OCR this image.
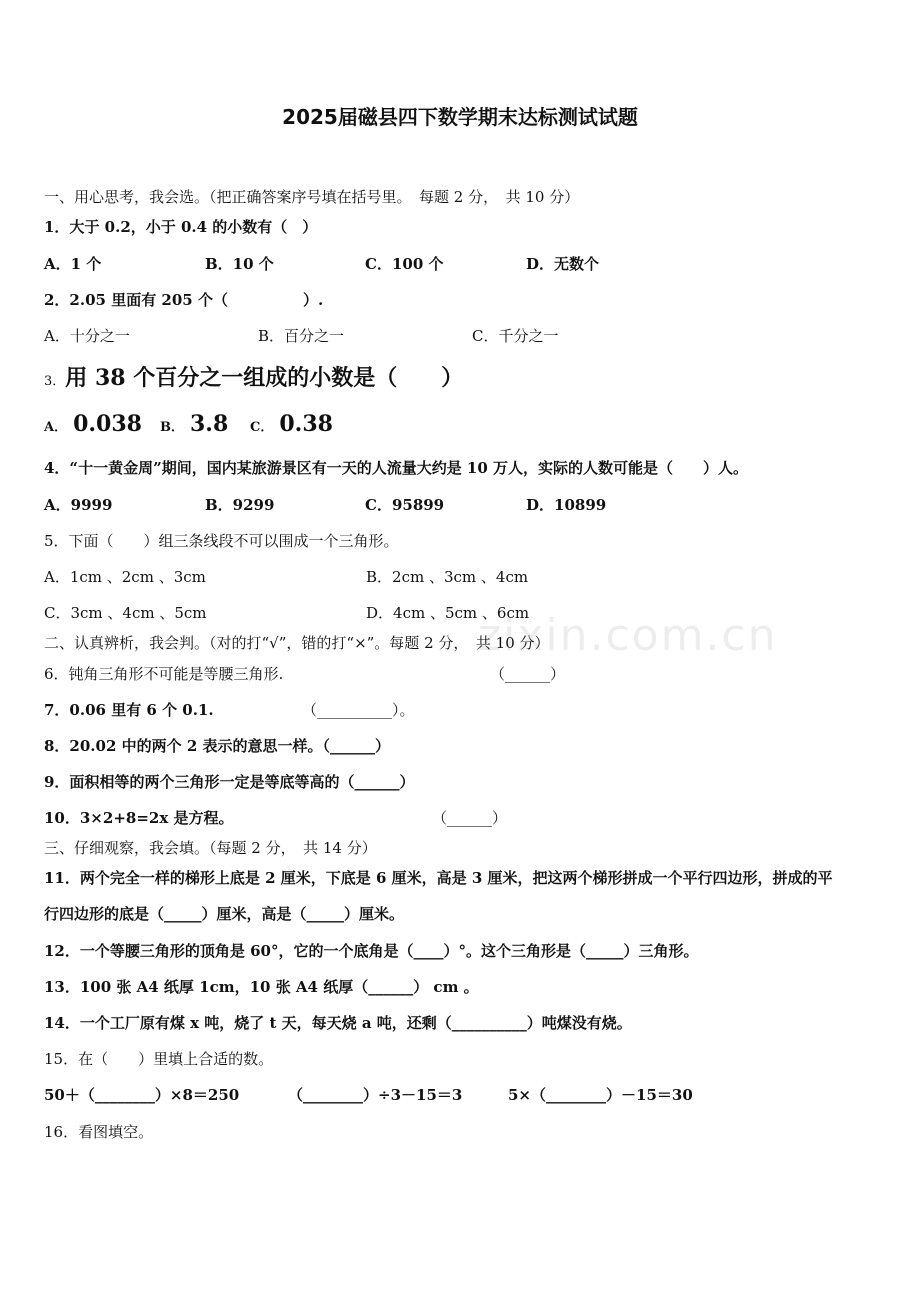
2025届磁县四下数学期末达标测试试题
zixin.com.cn
一、用心思考，我会选。（把正确答案序号填在括号里。　每题 2 分，　共 10 分）
1．大于 0.2，小于 0.4 的小数有（　）
A．1 个	B．10 个	C．100 个	D．无数个
2．2.05 里面有 205 个（　　　　　）.
A．十分之一	B．百分之一	C．千分之一
3．用 38 个百分之一组成的小数是（　　）
A． 0.038 B． 3.8 C． 0.38
4．“十一黄金周”期间，国内某旅游景区有一天的人流量大约是 10 万人，实际的人数可能是（　　）人。
A．9999	B．9299	C．95899	D．10899
5．下面（　　）组三条线段不可以围成一个三角形。
A．1cm 、2cm 、3cm	B．2cm 、3cm 、4cm
C．3cm 、4cm 、5cm	D．4cm 、5cm 、6cm
二、认真辨析，我会判。（对的打“√”，错的打“×”。每题 2 分，　共 10 分）
6．钝角三角形不可能是等腰三角形.	（______）
7．0.06 里有 6 个 0.1.	（__________）。
8．20.02 中的两个 2 表示的意思一样。（______）
9．面积相等的两个三角形一定是等底等高的（______）
10．3×2+8=2x 是方程。	（______）
三、仔细观察，我会填。（每题 2 分，　共 14 分）
11．两个完全一样的梯形上底是 2 厘米，下底是 6 厘米，高是 3 厘米，把这两个梯形拼成一个平行四边形，拼成的平
行四边形的底是（_____）厘米，高是（_____）厘米。
12．一个等腰三角形的顶角是 60°，它的一个底角是（____）°。这个三角形是（_____）三角形。
13．100 张 A4 纸厚 1cm，10 张 A4 纸厚（______） cm 。
14．一个工厂原有煤 x 吨，烧了 t 天，每天烧 a 吨，还剩（__________）吨煤没有烧。
15．在（　　）里填上合适的数。
50＋（________）×8＝250	（________）÷3－15＝3	5×（________）－15＝30
16．看图填空。
